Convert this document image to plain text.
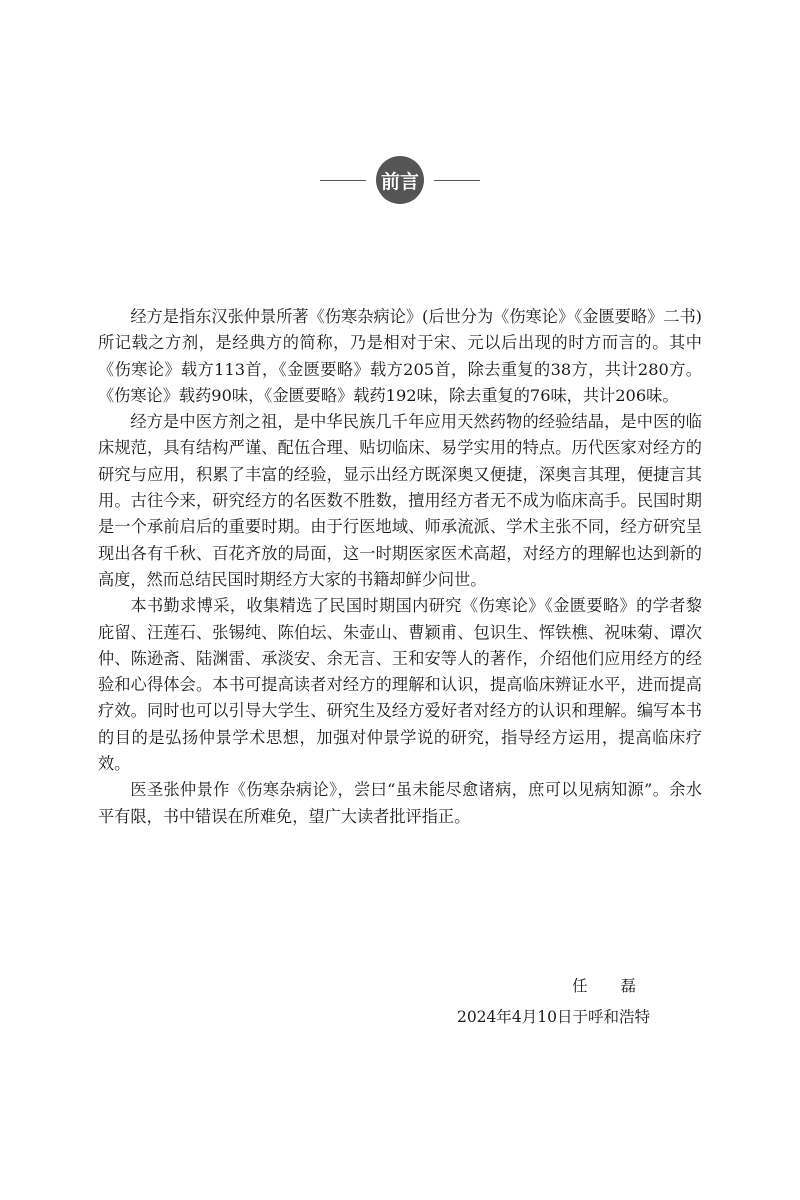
前言

经方是指东汉张仲景所著《伤寒杂病论》(后世分为《伤寒论》《金匮要略》二书)所记载之方剂，是经典方的简称，乃是相对于宋、元以后出现的时方而言的。其中《伤寒论》载方113首，《金匮要略》载方205首，除去重复的38方，共计280方。《伤寒论》载药90味，《金匮要略》载药192味，除去重复的76味，共计206味。

经方是中医方剂之祖，是中华民族几千年应用天然药物的经验结晶，是中医的临床规范，具有结构严谨、配伍合理、贴切临床、易学实用的特点。历代医家对经方的研究与应用，积累了丰富的经验，显示出经方既深奥又便捷，深奥言其理，便捷言其用。古往今来，研究经方的名医数不胜数，擅用经方者无不成为临床高手。民国时期是一个承前启后的重要时期。由于行医地域、师承流派、学术主张不同，经方研究呈现出各有千秋、百花齐放的局面，这一时期医家医术高超，对经方的理解也达到新的高度，然而总结民国时期经方大家的书籍却鲜少问世。

本书勤求博采，收集精选了民国时期国内研究《伤寒论》《金匮要略》的学者黎庇留、汪莲石、张锡纯、陈伯坛、朱壶山、曹颖甫、包识生、恽铁樵、祝味菊、谭次仲、陈逊斋、陆渊雷、承淡安、余无言、王和安等人的著作，介绍他们应用经方的经验和心得体会。本书可提高读者对经方的理解和认识，提高临床辨证水平，进而提高疗效。同时也可以引导大学生、研究生及经方爱好者对经方的认识和理解。编写本书的目的是弘扬仲景学术思想，加强对仲景学说的研究，指导经方运用，提高临床疗效。

医圣张仲景作《伤寒杂病论》，尝曰“虽未能尽愈诸病，庶可以见病知源”。余水平有限，书中错误在所难免，望广大读者批评指正。

任 磊
2024年4月10日于呼和浩特
